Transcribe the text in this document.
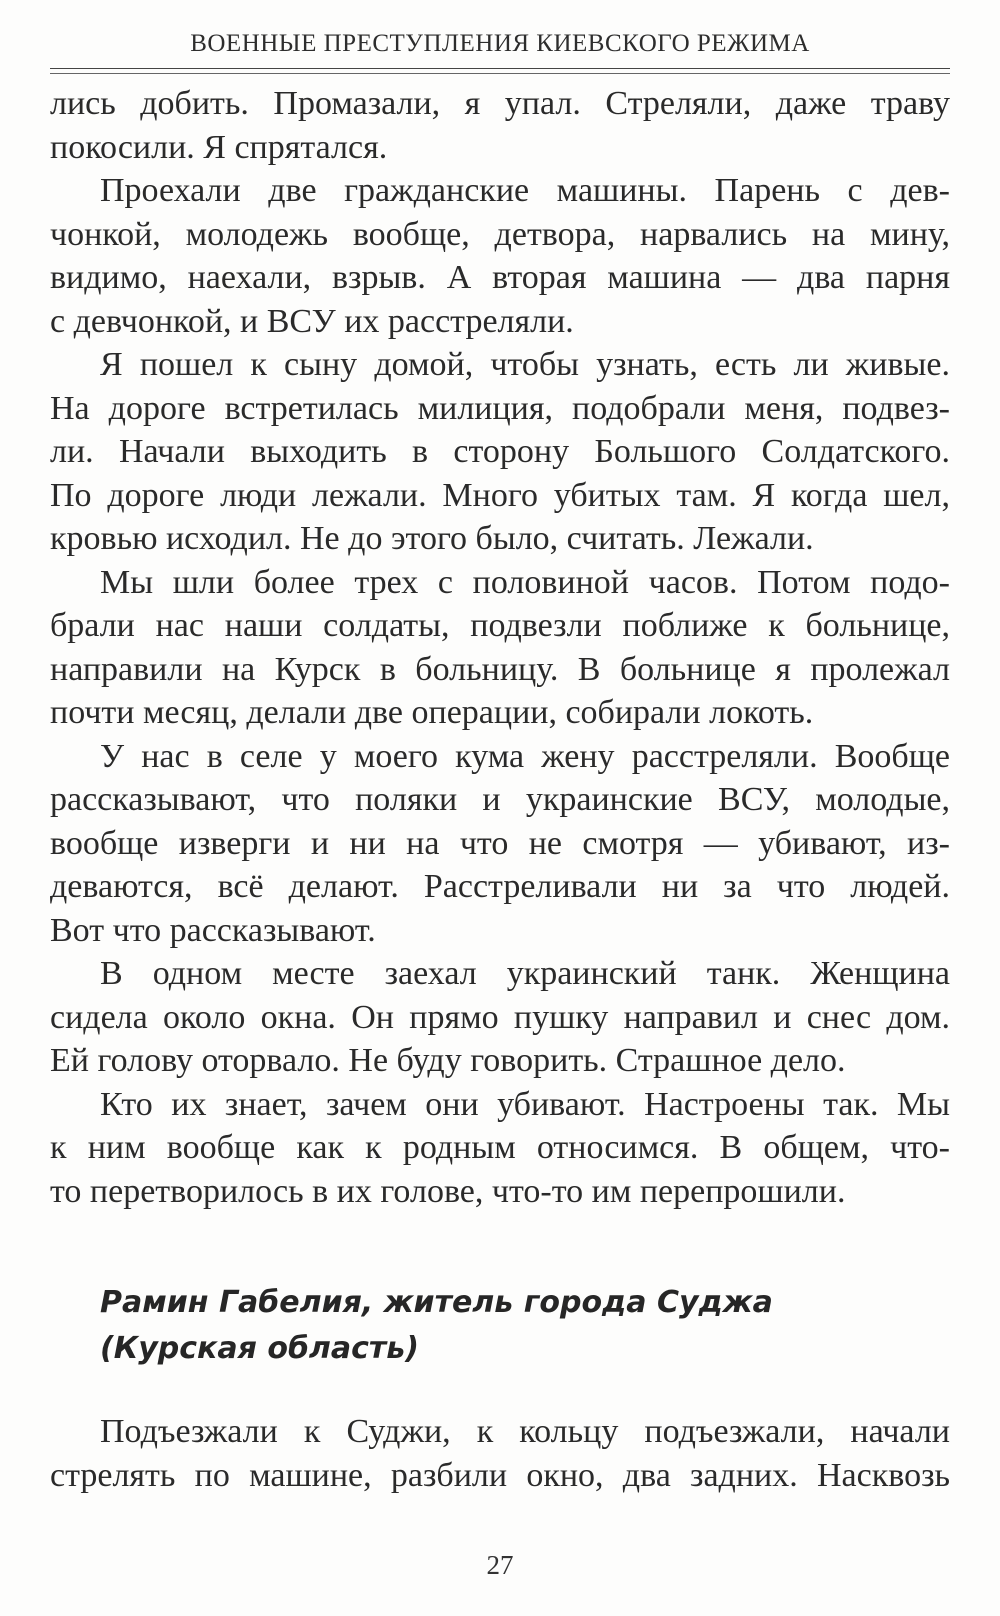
ВОЕННЫЕ ПРЕСТУПЛЕНИЯ КИЕВСКОГО РЕЖИМА
лись добить. Промазали, я упал. Стреляли, даже траву
покосили. Я спрятался.
Проехали две гражданские машины. Парень с дев-
чонкой, молодежь вообще, детвора, нарвались на мину,
видимо, наехали, взрыв. А вторая машина — два парня
с девчонкой, и ВСУ их расстреляли.
Я пошел к сыну домой, чтобы узнать, есть ли живые.
На дороге встретилась милиция, подобрали меня, подвез-
ли. Начали выходить в сторону Большого Солдатского.
По дороге люди лежали. Много убитых там. Я когда шел,
кровью исходил. Не до этого было, считать. Лежали.
Мы шли более трех с половиной часов. Потом подо-
брали нас наши солдаты, подвезли поближе к больнице,
направили на Курск в больницу. В больнице я пролежал
почти месяц, делали две операции, собирали локоть.
У нас в селе у моего кума жену расстреляли. Вообще
рассказывают, что поляки и украинские ВСУ, молодые,
вообще изверги и ни на что не смотря — убивают, из-
деваются, всё делают. Расстреливали ни за что людей.
Вот что рассказывают.
В одном месте заехал украинский танк. Женщина
сидела около окна. Он прямо пушку направил и снес дом.
Ей голову оторвало. Не буду говорить. Страшное дело.
Кто их знает, зачем они убивают. Настроены так. Мы
к ним вообще как к родным относимся. В общем, что-
то перетворилось в их голове, что-то им перепрошили.
Рамин Габелия, житель города Суджа
(Курская область)
Подъезжали к Суджи, к кольцу подъезжали, начали
стрелять по машине, разбили окно, два задних. Насквозь
27
